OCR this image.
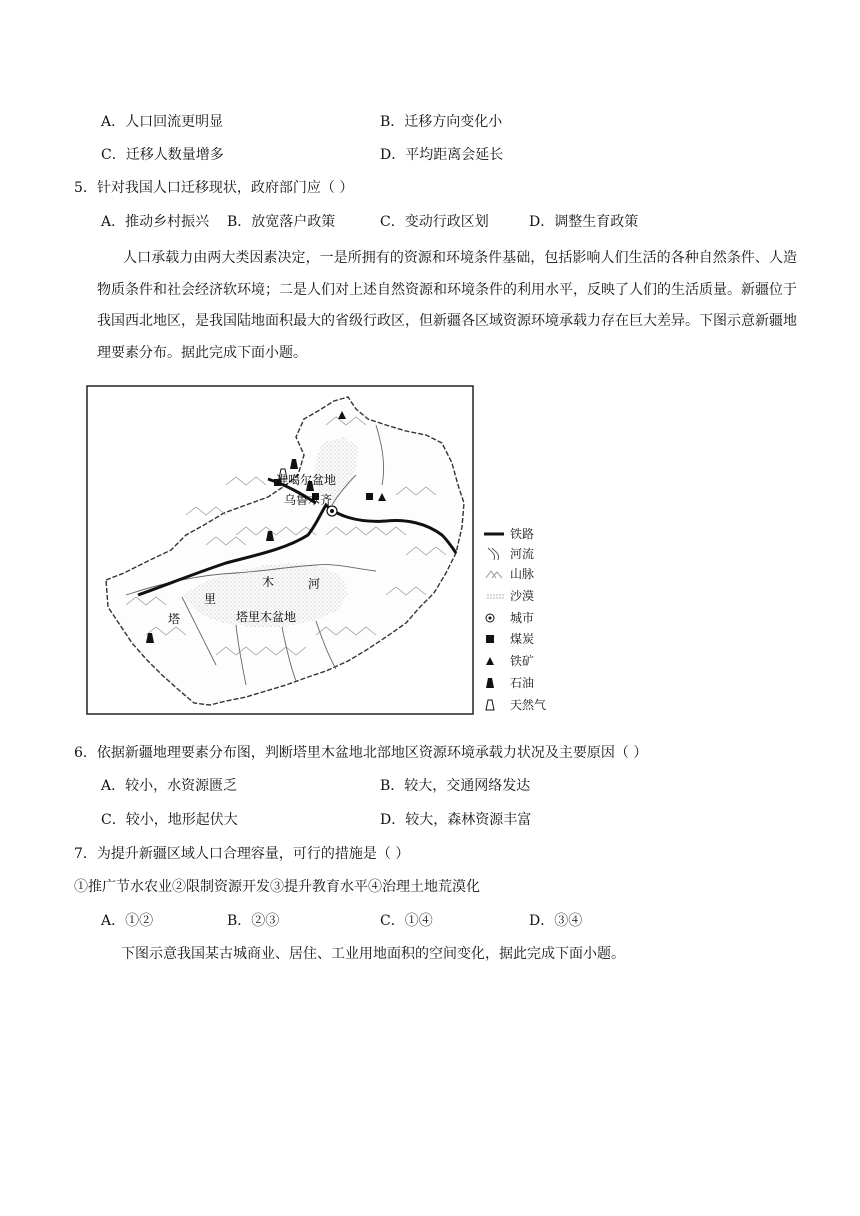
A．人口回流更明显	B．迁移方向变化小
C．迁移人数量增多	D．平均距离会延长
5．针对我国人口迁移现状，政府部门应（ ）
A．推动乡村振兴 B．放宽落户政策	C．变动行政区划	D．调整生育政策
人口承载力由两大类因素决定，一是所拥有的资源和环境条件基础，包括影响人们生活的各种自然条件、人造物质条件和社会经济软环境；二是人们对上述自然资源和环境条件的利用水平，反映了人们的生活质量。新疆位于我国西北地区，是我国陆地面积最大的省级行政区，但新疆各区域资源环境承载力存在巨大差异。下图示意新疆地理要素分布。据此完成下面小题。
准噶尔盆地
乌鲁木齐
木	河
里
塔	塔里木盆地
铁路
河流
山脉
沙漠
城市
煤炭
铁矿
石油
天然气
6．依据新疆地理要素分布图，判断塔里木盆地北部地区资源环境承载力状况及主要原因（ ）
A．较小，水资源匮乏	B．较大，交通网络发达
C．较小，地形起伏大	D．较大，森林资源丰富
7．为提升新疆区域人口合理容量，可行的措施是（ ）
①推广节水农业②限制资源开发③提升教育水平④治理土地荒漠化
A．①②	B．②③	C．①④	D．③④
下图示意我国某古城商业、居住、工业用地面积的空间变化，据此完成下面小题。
